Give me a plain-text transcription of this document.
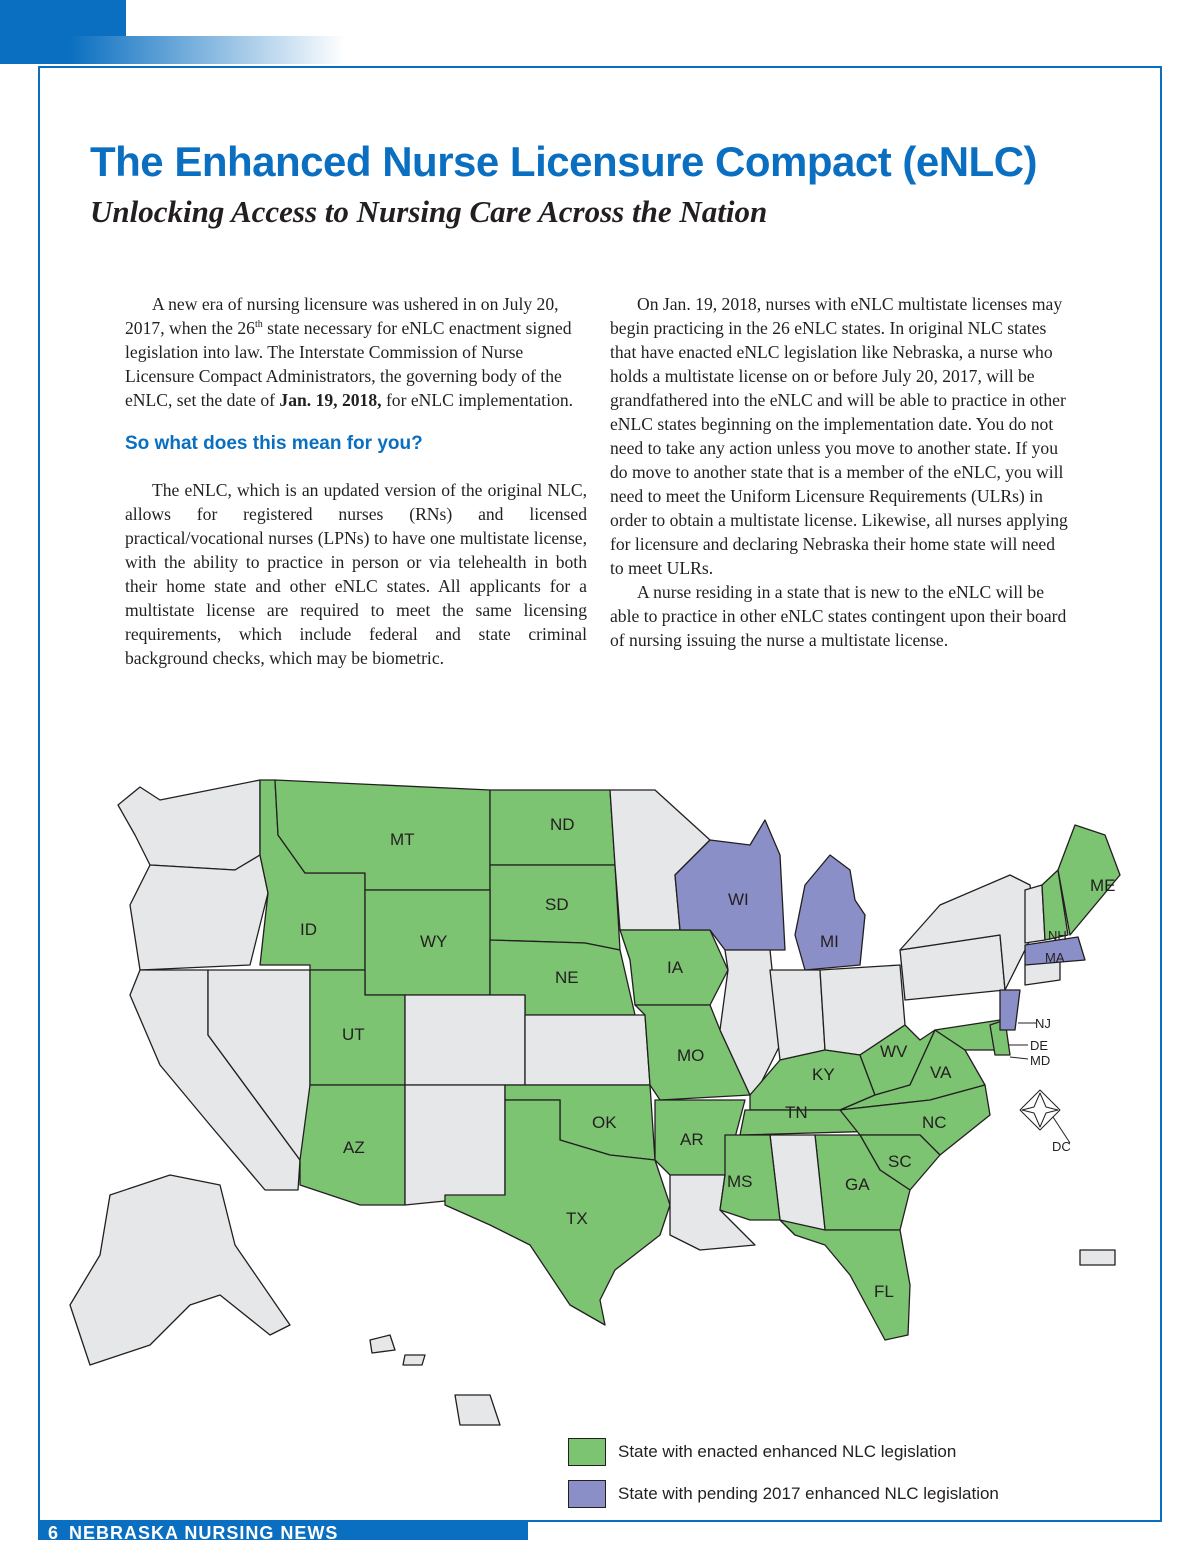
The Enhanced Nurse Licensure Compact (eNLC)
Unlocking Access to Nursing Care Across the Nation

A new era of nursing licensure was ushered in on July 20, 2017, when the 26th state necessary for eNLC enactment signed legislation into law. The Interstate Commission of Nurse Licensure Compact Administrators, the governing body of the eNLC, set the date of Jan. 19, 2018, for eNLC implementation.

So what does this mean for you?

The eNLC, which is an updated version of the original NLC, allows for registered nurses (RNs) and licensed practical/vocational nurses (LPNs) to have one multistate license, with the ability to practice in person or via telehealth in both their home state and other eNLC states. All applicants for a multistate license are required to meet the same licensing requirements, which include federal and state criminal background checks, which may be biometric.

On Jan. 19, 2018, nurses with eNLC multistate licenses may begin practicing in the 26 eNLC states. In original NLC states that have enacted eNLC legislation like Nebraska, a nurse who holds a multistate license on or before July 20, 2017, will be grandfathered into the eNLC and will be able to practice in other eNLC states beginning on the implementation date. You do not need to take any action unless you move to another state. If you do move to another state that is a member of the eNLC, you will need to meet the Uniform Licensure Requirements (ULRs) in order to obtain a multistate license. Likewise, all nurses applying for licensure and declaring Nebraska their home state will need to meet ULRs.

A nurse residing in a state that is new to the eNLC will be able to practice in other eNLC states contingent upon their board of nursing issuing the nurse a multistate license.

MT
ND
SD
ID
WY
NE
IA
WI
MI
ME
NH
MA
NJ
DE
MD
UT
MO	WV
KY	VA
AZ
OK
AR
TN
NC
SC
MS	GA
TX
FL
DC
State with enacted enhanced NLC legislation
State with pending 2017 enhanced NLC legislation
6 NEBRASKA NURSING NEWS
